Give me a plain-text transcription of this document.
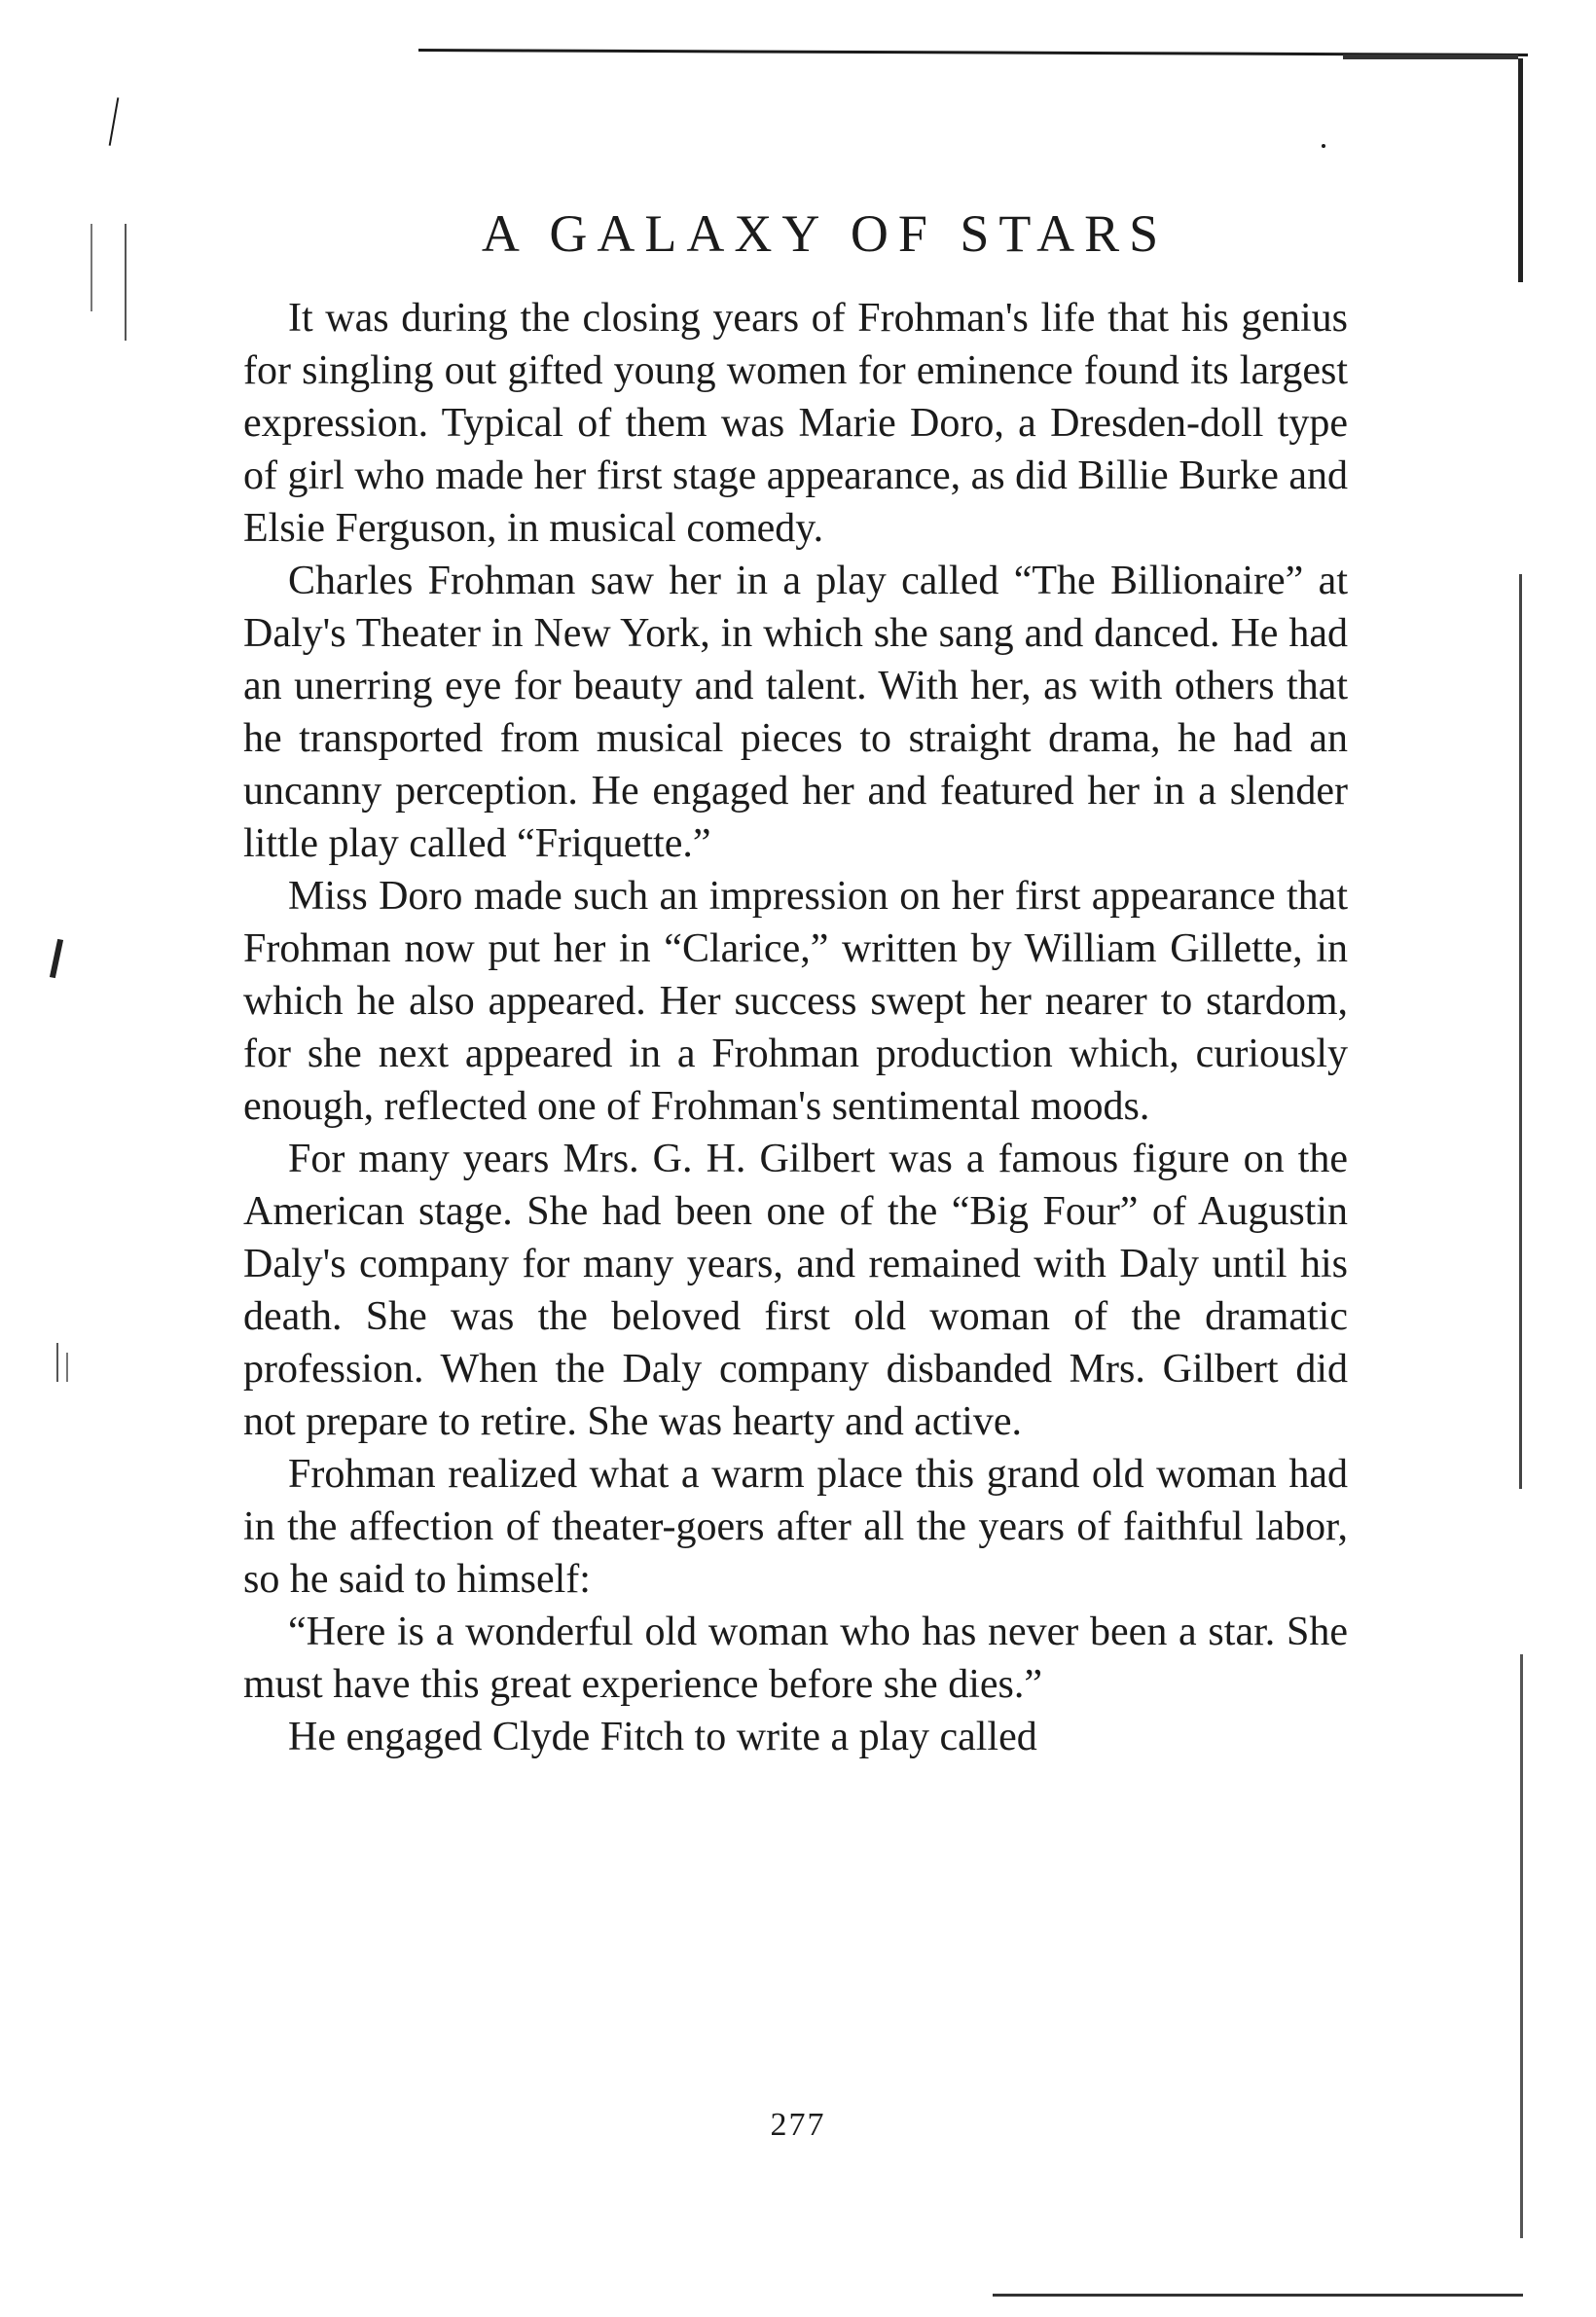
A GALAXY OF STARS

It was during the closing years of Frohman's life that his genius for singling out gifted young women for eminence found its largest expression. Typical of them was Marie Doro, a Dresden-doll type of girl who made her first stage appearance, as did Billie Burke and Elsie Ferguson, in musical comedy.

Charles Frohman saw her in a play called “The Billionaire” at Daly's Theater in New York, in which she sang and danced. He had an unerring eye for beauty and talent. With her, as with others that he transported from musical pieces to straight drama, he had an uncanny perception. He engaged her and featured her in a slender little play called “Friquette.”

Miss Doro made such an impression on her first appearance that Frohman now put her in “Clarice,” written by William Gillette, in which he also appeared. Her success swept her nearer to stardom, for she next appeared in a Frohman production which, curiously enough, reflected one of Frohman's sentimental moods.

For many years Mrs. G. H. Gilbert was a famous figure on the American stage. She had been one of the “Big Four” of Augustin Daly's company for many years, and remained with Daly until his death. She was the beloved first old woman of the dramatic profession. When the Daly company disbanded Mrs. Gilbert did not prepare to retire. She was hearty and active.

Frohman realized what a warm place this grand old woman had in the affection of theater-goers after all the years of faithful labor, so he said to himself:

“Here is a wonderful old woman who has never been a star. She must have this great experience before she dies.”

He engaged Clyde Fitch to write a play called

277
